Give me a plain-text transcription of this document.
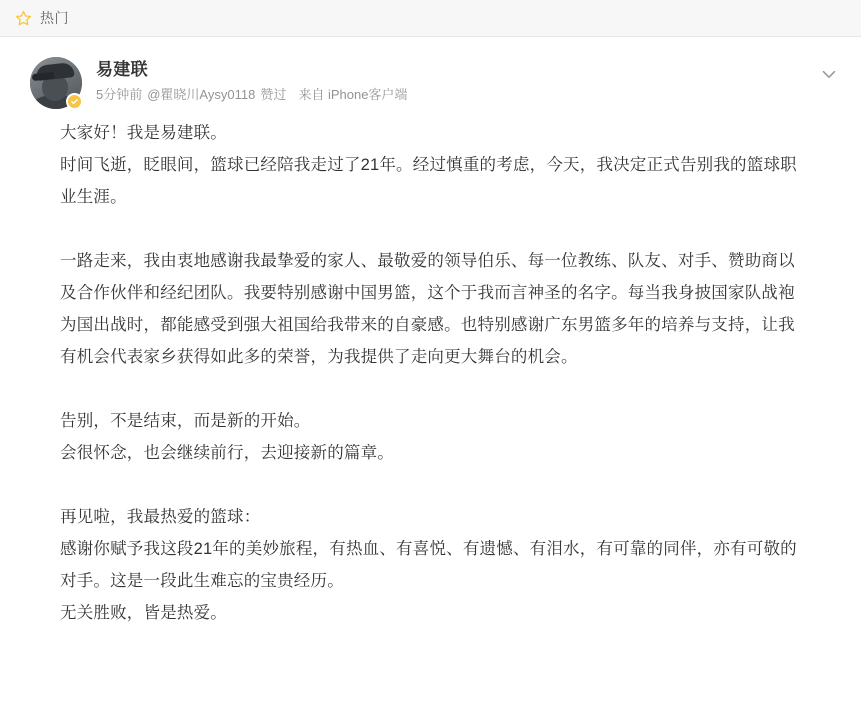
热门
易建联
5分钟前 @瞿晓川Aysy0118 赞过 来自 iPhone客户端

大家好！我是易建联。

时间飞逝，眨眼间，篮球已经陪我走过了21年。经过慎重的考虑，今天，我决定正式告别我的篮球职业生涯。

一路走来，我由衷地感谢我最挚爱的家人、最敬爱的领导伯乐、每一位教练、队友、对手、赞助商以及合作伙伴和经纪团队。我要特别感谢中国男篮，这个于我而言神圣的名字。每当我身披国家队战袍为国出战时，都能感受到强大祖国给我带来的自豪感。也特别感谢广东男篮多年的培养与支持，让我有机会代表家乡获得如此多的荣誉，为我提供了走向更大舞台的机会。

告别，不是结束，而是新的开始。

会很怀念，也会继续前行，去迎接新的篇章。

再见啦，我最热爱的篮球：

感谢你赋予我这段21年的美妙旅程，有热血、有喜悦、有遗憾、有泪水，有可靠的同伴，亦有可敬的对手。这是一段此生难忘的宝贵经历。

无关胜败，皆是热爱。
